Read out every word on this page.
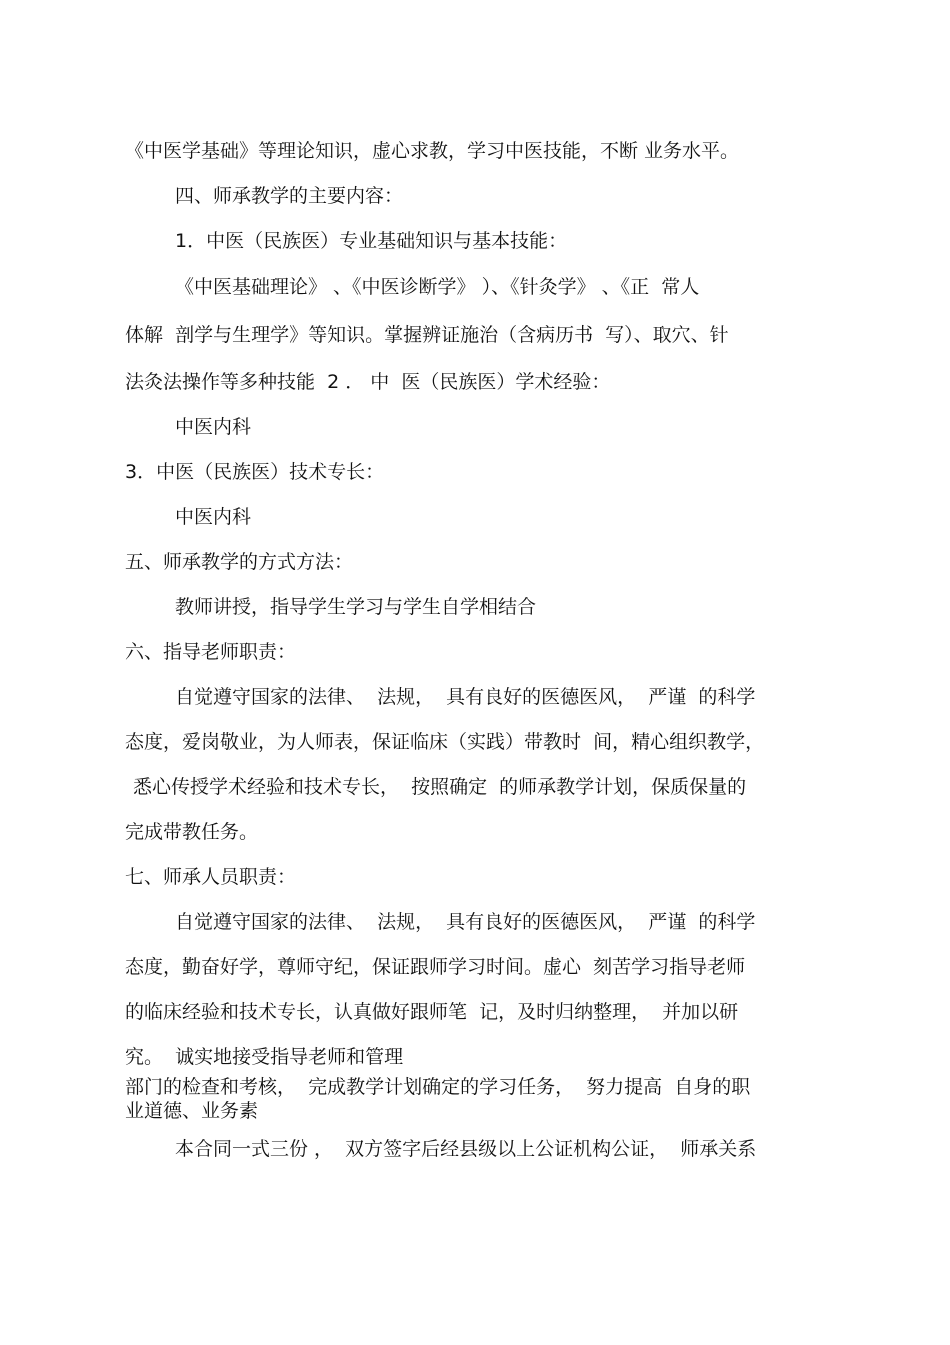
《中医学基础》等理论知识，虚心求教，学习中医技能，不断 业务水平。

四、师承教学的主要内容：

1．中医（民族医）专业基础知识与基本技能：

《中医基础理论》 、《中医诊断学》 ）、《针灸学》 、《正  常人

体解  剖学与生理学》等知识。掌握辨证施治（含病历书  写）、取穴、针

法灸法操作等多种技能  2 ． 中  医（民族医）学术经验：

中医内科

3．中医（民族医）技术专长：

中医内科

五、师承教学的方式方法：

教师讲授，指导学生学习与学生自学相结合

六、指导老师职责：

自觉遵守国家的法律、  法规，  具有良好的医德医风，  严谨  的科学

态度，爱岗敬业，为人师表，保证临床（实践）带教时  间，精心组织教学，

悉心传授学术经验和技术专长，  按照确定  的师承教学计划，保质保量的

完成带教任务。

七、师承人员职责：

自觉遵守国家的法律、  法规，  具有良好的医德医风，  严谨  的科学

态度，勤奋好学，尊师守纪，保证跟师学习时间。虚心  刻苦学习指导老师

的临床经验和技术专长，认真做好跟师笔  记，及时归纳整理，  并加以研

究。  诚实地接受指导老师和管理

部门的检查和考核，  完成教学计划确定的学习任务，  努力提高  自身的职

业道德、业务素

本合同一式三份 ，  双方签字后经县级以上公证机构公证，  师承关系
